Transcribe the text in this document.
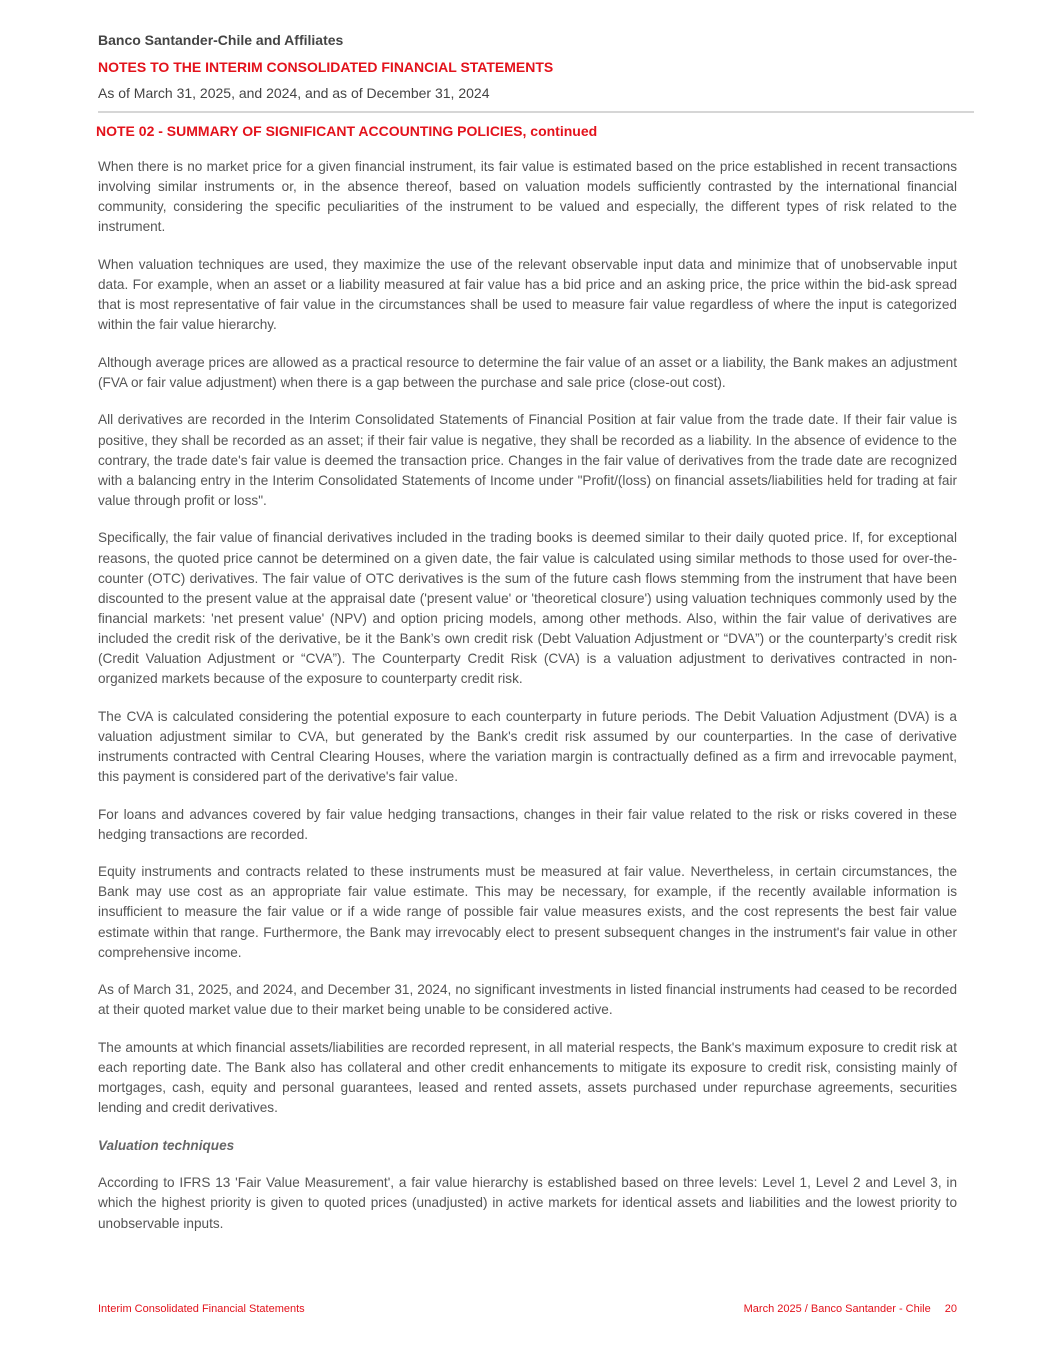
Banco Santander-Chile and Affiliates

NOTES TO THE INTERIM CONSOLIDATED FINANCIAL STATEMENTS

As of March 31, 2025, and 2024, and as of December 31, 2024

NOTE 02 - SUMMARY OF SIGNIFICANT ACCOUNTING POLICIES, continued

When there is no market price for a given financial instrument, its fair value is estimated based on the price established in recent transactions involving similar instruments or, in the absence thereof, based on valuation models sufficiently contrasted by the international financial community, considering the specific peculiarities of the instrument to be valued and especially, the different types of risk related to the instrument.

When valuation techniques are used, they maximize the use of the relevant observable input data and minimize that of unobservable input data. For example, when an asset or a liability measured at fair value has a bid price and an asking price, the price within the bid-ask spread that is most representative of fair value in the circumstances shall be used to measure fair value regardless of where the input is categorized within the fair value hierarchy.

Although average prices are allowed as a practical resource to determine the fair value of an asset or a liability, the Bank makes an adjustment (FVA or fair value adjustment) when there is a gap between the purchase and sale price (close-out cost).

All derivatives are recorded in the Interim Consolidated Statements of Financial Position at fair value from the trade date. If their fair value is positive, they shall be recorded as an asset; if their fair value is negative, they shall be recorded as a liability. In the absence of evidence to the contrary, the trade date's fair value is deemed the transaction price. Changes in the fair value of derivatives from the trade date are recognized with a balancing entry in the Interim Consolidated Statements of Income under "Profit/(loss) on financial assets/liabilities held for trading at fair value through profit or loss".

Specifically, the fair value of financial derivatives included in the trading books is deemed similar to their daily quoted price. If, for exceptional reasons, the quoted price cannot be determined on a given date, the fair value is calculated using similar methods to those used for over-the-counter (OTC) derivatives. The fair value of OTC derivatives is the sum of the future cash flows stemming from the instrument that have been discounted to the present value at the appraisal date ('present value' or 'theoretical closure') using valuation techniques commonly used by the financial markets: 'net present value' (NPV) and option pricing models, among other methods. Also, within the fair value of derivatives are included the credit risk of the derivative, be it the Bank’s own credit risk (Debt Valuation Adjustment or “DVA”) or the counterparty’s credit risk (Credit Valuation Adjustment or “CVA”). The Counterparty Credit Risk (CVA) is a valuation adjustment to derivatives contracted in non-organized markets because of the exposure to counterparty credit risk.

The CVA is calculated considering the potential exposure to each counterparty in future periods. The Debit Valuation Adjustment (DVA) is a valuation adjustment similar to CVA, but generated by the Bank's credit risk assumed by our counterparties. In the case of derivative instruments contracted with Central Clearing Houses, where the variation margin is contractually defined as a firm and irrevocable payment, this payment is considered part of the derivative's fair value.

For loans and advances covered by fair value hedging transactions, changes in their fair value related to the risk or risks covered in these hedging transactions are recorded.

Equity instruments and contracts related to these instruments must be measured at fair value. Nevertheless, in certain circumstances, the Bank may use cost as an appropriate fair value estimate. This may be necessary, for example, if the recently available information is insufficient to measure the fair value or if a wide range of possible fair value measures exists, and the cost represents the best fair value estimate within that range. Furthermore, the Bank may irrevocably elect to present subsequent changes in the instrument's fair value in other comprehensive income.

As of March 31, 2025, and 2024, and December 31, 2024, no significant investments in listed financial instruments had ceased to be recorded at their quoted market value due to their market being unable to be considered active.

The amounts at which financial assets/liabilities are recorded represent, in all material respects, the Bank's maximum exposure to credit risk at each reporting date. The Bank also has collateral and other credit enhancements to mitigate its exposure to credit risk, consisting mainly of mortgages, cash, equity and personal guarantees, leased and rented assets, assets purchased under repurchase agreements, securities lending and credit derivatives.

Valuation techniques

According to IFRS 13 'Fair Value Measurement', a fair value hierarchy is established based on three levels: Level 1, Level 2 and Level 3, in which the highest priority is given to quoted prices (unadjusted) in active markets for identical assets and liabilities and the lowest priority to unobservable inputs.

Interim Consolidated Financial Statements	March 2025 / Banco Santander - Chile 20
